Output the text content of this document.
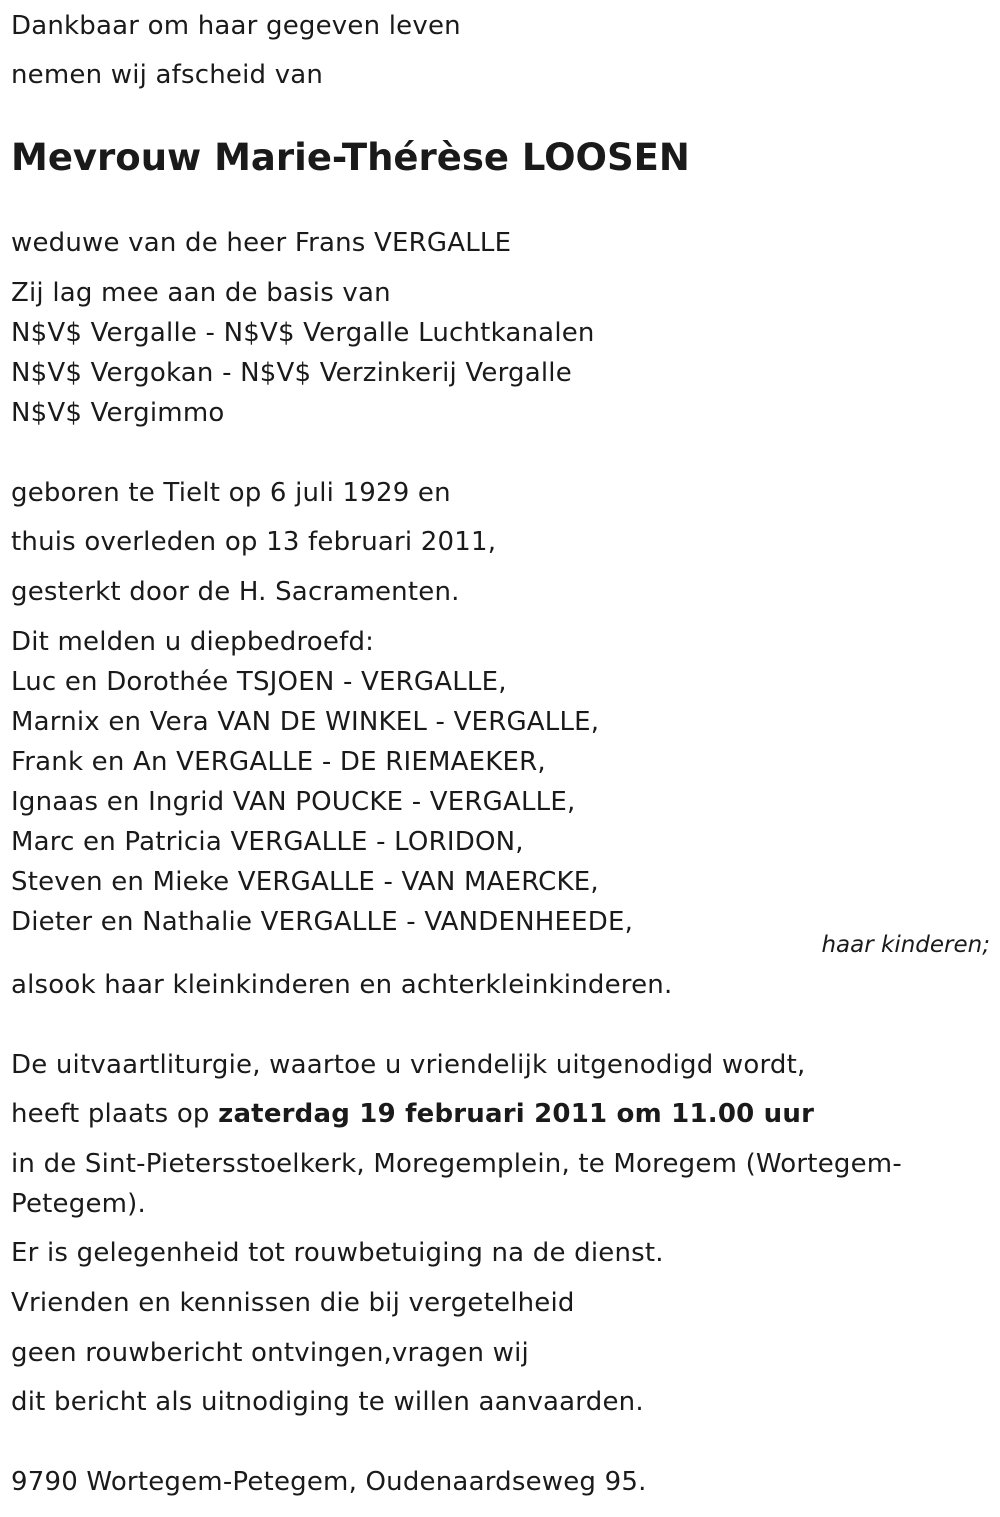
Dankbaar om haar gegeven leven
nemen wij afscheid van
Mevrouw Marie-Thérèse LOOSEN
weduwe van de heer Frans VERGALLE
Zij lag mee aan de basis van
N$V$ Vergalle - N$V$ Vergalle Luchtkanalen
N$V$ Vergokan - N$V$ Verzinkerij Vergalle
N$V$ Vergimmo
geboren te Tielt op 6 juli 1929 en
thuis overleden op 13 februari 2011,
gesterkt door de H. Sacramenten.
Dit melden u diepbedroefd:
Luc en Dorothée TSJOEN - VERGALLE,
Marnix en Vera VAN DE WINKEL - VERGALLE,
Frank en An VERGALLE - DE RIEMAEKER,
Ignaas en Ingrid VAN POUCKE - VERGALLE,
Marc en Patricia VERGALLE - LORIDON,
Steven en Mieke VERGALLE - VAN MAERCKE,
Dieter en Nathalie VERGALLE - VANDENHEEDE,
haar kinderen;
alsook haar kleinkinderen en achterkleinkinderen.
De uitvaartliturgie, waartoe u vriendelijk uitgenodigd wordt,
heeft plaats op zaterdag 19 februari 2011 om 11.00 uur
in de Sint-Pietersstoelkerk, Moregemplein, te Moregem (Wortegem-
Petegem).
Er is gelegenheid tot rouwbetuiging na de dienst.
Vrienden en kennissen die bij vergetelheid
geen rouwbericht ontvingen,vragen wij
dit bericht als uitnodiging te willen aanvaarden.
9790 Wortegem-Petegem, Oudenaardseweg 95.
